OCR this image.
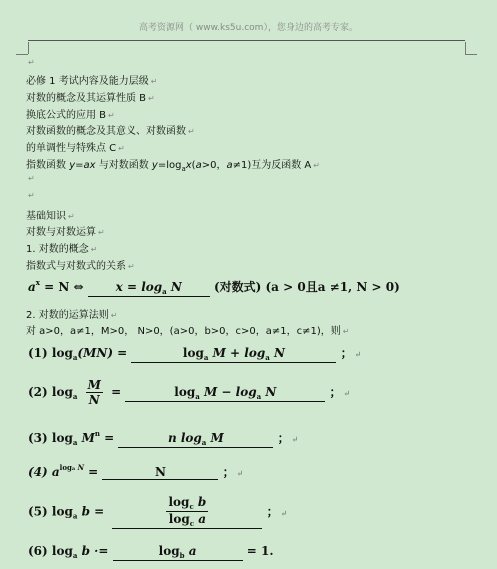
高考资源网（ www.ks5u.com），您身边的高考专家。
↵
必修 1 考试内容及能力层级 ↵
对数的概念及其运算性质 B ↵
换底公式的应用 B ↵
对数函数的概念及其意义、对数函数 ↵
的单调性与特殊点 C ↵
指数函数 y=ax 与对数函数 $y=\log_ax(a>0$，a≠1)互为反函数 A ↵
↵
↵
基础知识 ↵
对数与对数运算 ↵
1. 对数的概念 ↵
指数式与对数式的关系 ↵
$a^x = N$ ⇔ $x = \log_a N$	(对数式) (a > 0且a ≠1, N > 0)
2. 对数的运算法则 ↵
对 a>0，a≠1，M>0， N>0，(a>0，b>0，c>0，a≠1，c≠1)，则 ↵
(1) $\log_a(MN)$ =	$\log_a M + \log_a N$	； ↵
(2) $\log_a \frac{M}{N}$ =	$\log_a M - \log_a N$	； ↵
(3) $\log_a M^n$ =	n $\log_a M$	； ↵
(4) $a^{loga N}$ =	N	； ↵
(5) $\log_a b$ =	$\frac{\log_c b}{\log_c a}$	； ↵
(6) $\log_a b$ ·=	$\log_b a$	= 1.
